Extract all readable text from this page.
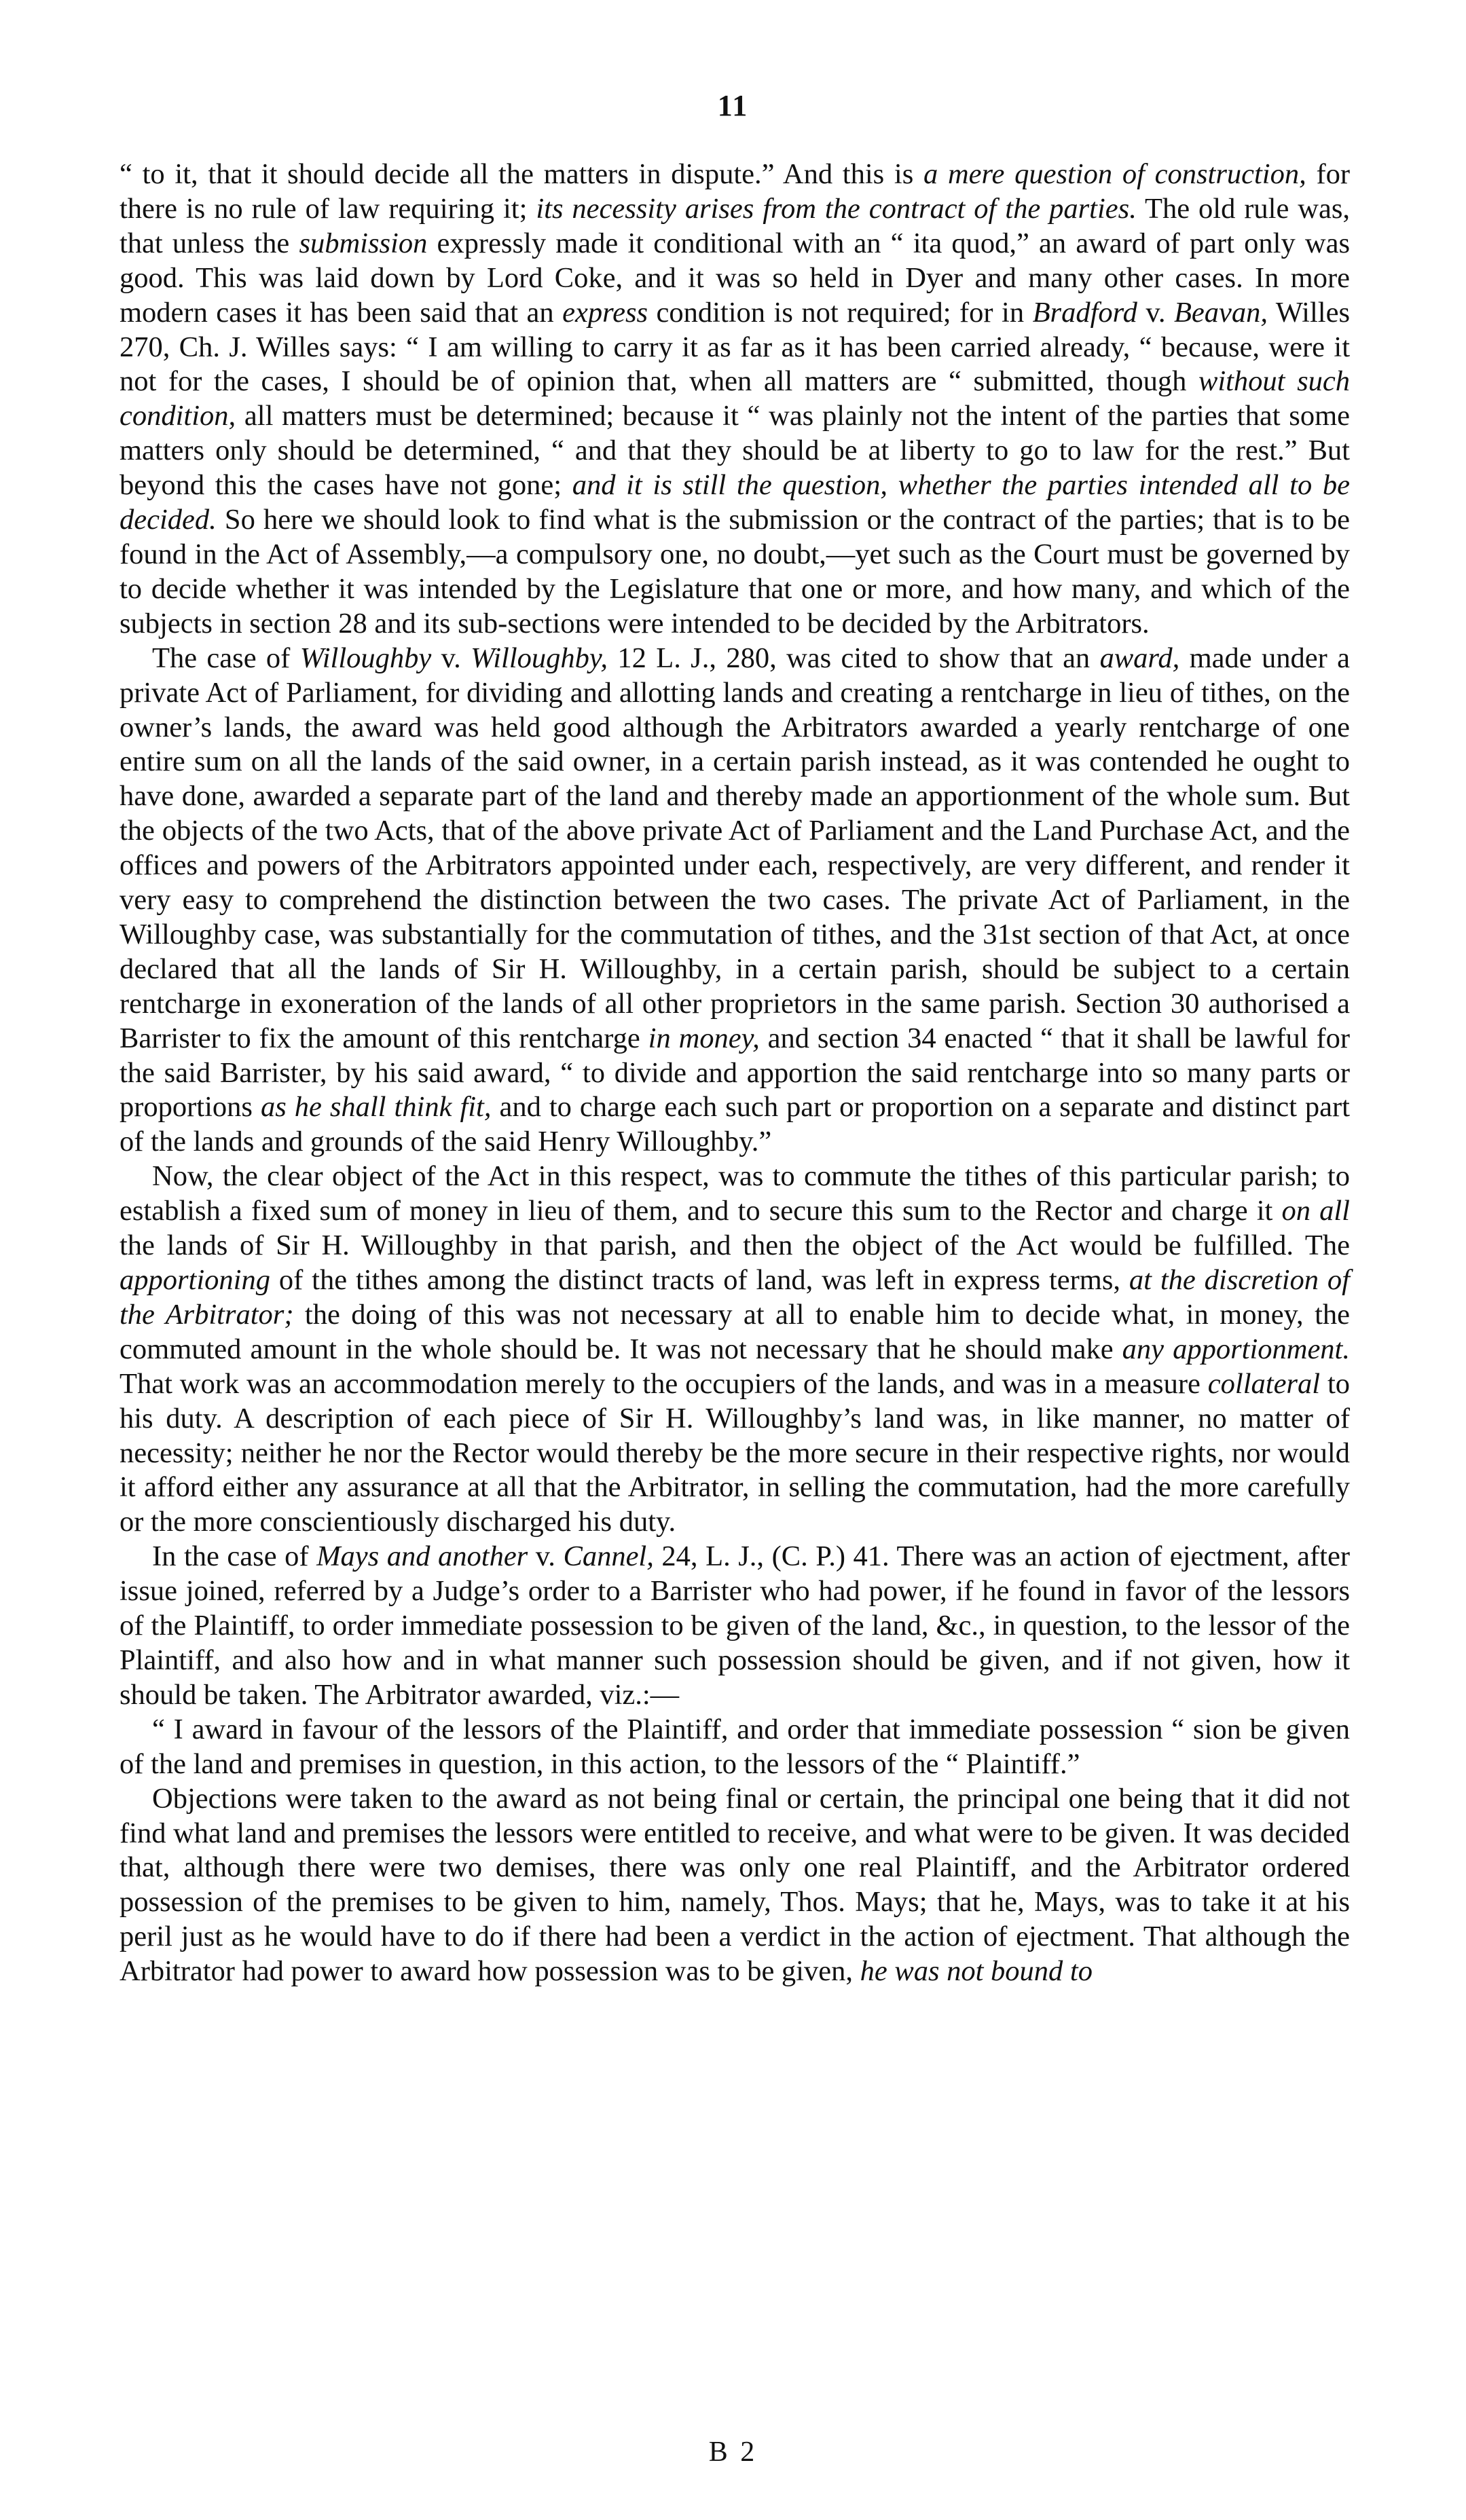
11

“ to it, that it should decide all the matters in dispute.” And this is a mere question of construction, for there is no rule of law requiring it; its necessity arises from the contract of the parties. The old rule was, that unless the submission expressly made it conditional with an “ ita quod,” an award of part only was good. This was laid down by Lord Coke, and it was so held in Dyer and many other cases. In more modern cases it has been said that an express condition is not required; for in Bradford v. Beavan, Willes 270, Ch. J. Willes says: “ I am willing to carry it as far as it has been carried already, “ because, were it not for the cases, I should be of opinion that, when all matters are “ submitted, though without such condition, all matters must be determined; because it “ was plainly not the intent of the parties that some matters only should be determined, “ and that they should be at liberty to go to law for the rest.” But beyond this the cases have not gone; and it is still the question, whether the parties intended all to be decided. So here we should look to find what is the submission or the contract of the parties; that is to be found in the Act of Assembly,—a compulsory one, no doubt,—yet such as the Court must be governed by to decide whether it was intended by the Legislature that one or more, and how many, and which of the subjects in section 28 and its sub-sections were intended to be decided by the Arbitrators.

The case of Willoughby v. Willoughby, 12 L. J., 280, was cited to show that an award, made under a private Act of Parliament, for dividing and allotting lands and creating a rentcharge in lieu of tithes, on the owner’s lands, the award was held good although the Arbitrators awarded a yearly rentcharge of one entire sum on all the lands of the said owner, in a certain parish instead, as it was contended he ought to have done, awarded a separate part of the land and thereby made an apportionment of the whole sum. But the objects of the two Acts, that of the above private Act of Parliament and the Land Purchase Act, and the offices and powers of the Arbitrators appointed under each, respectively, are very different, and render it very easy to comprehend the distinction between the two cases. The private Act of Parliament, in the Willoughby case, was substantially for the commutation of tithes, and the 31st section of that Act, at once declared that all the lands of Sir H. Willoughby, in a certain parish, should be subject to a certain rentcharge in exoneration of the lands of all other proprietors in the same parish. Section 30 authorised a Barrister to fix the amount of this rentcharge in money, and section 34 enacted “ that it shall be lawful for the said Barrister, by his said award, “ to divide and apportion the said rentcharge into so many parts or proportions as he shall think fit, and to charge each such part or proportion on a separate and distinct part of the lands and grounds of the said Henry Willoughby.”

Now, the clear object of the Act in this respect, was to commute the tithes of this particular parish; to establish a fixed sum of money in lieu of them, and to secure this sum to the Rector and charge it on all the lands of Sir H. Willoughby in that parish, and then the object of the Act would be fulfilled. The apportioning of the tithes among the distinct tracts of land, was left in express terms, at the discretion of the Arbitrator; the doing of this was not necessary at all to enable him to decide what, in money, the commuted amount in the whole should be. It was not necessary that he should make any apportionment. That work was an accommodation merely to the occupiers of the lands, and was in a measure collateral to his duty. A description of each piece of Sir H. Willoughby’s land was, in like manner, no matter of necessity; neither he nor the Rector would thereby be the more secure in their respective rights, nor would it afford either any assurance at all that the Arbitrator, in selling the commutation, had the more carefully or the more conscientiously discharged his duty.

In the case of Mays and another v. Cannel, 24, L. J., (C. P.) 41. There was an action of ejectment, after issue joined, referred by a Judge’s order to a Barrister who had power, if he found in favor of the lessors of the Plaintiff, to order immediate possession to be given of the land, &c., in question, to the lessor of the Plaintiff, and also how and in what manner such possession should be given, and if not given, how it should be taken. The Arbitrator awarded, viz.:—

“ I award in favour of the lessors of the Plaintiff, and order that immediate possession “ sion be given of the land and premises in question, in this action, to the lessors of the “ Plaintiff.”

Objections were taken to the award as not being final or certain, the principal one being that it did not find what land and premises the lessors were entitled to receive, and what were to be given. It was decided that, although there were two demises, there was only one real Plaintiff, and the Arbitrator ordered possession of the premises to be given to him, namely, Thos. Mays; that he, Mays, was to take it at his peril just as he would have to do if there had been a verdict in the action of ejectment. That although the Arbitrator had power to award how possession was to be given, he was not bound to

B 2
